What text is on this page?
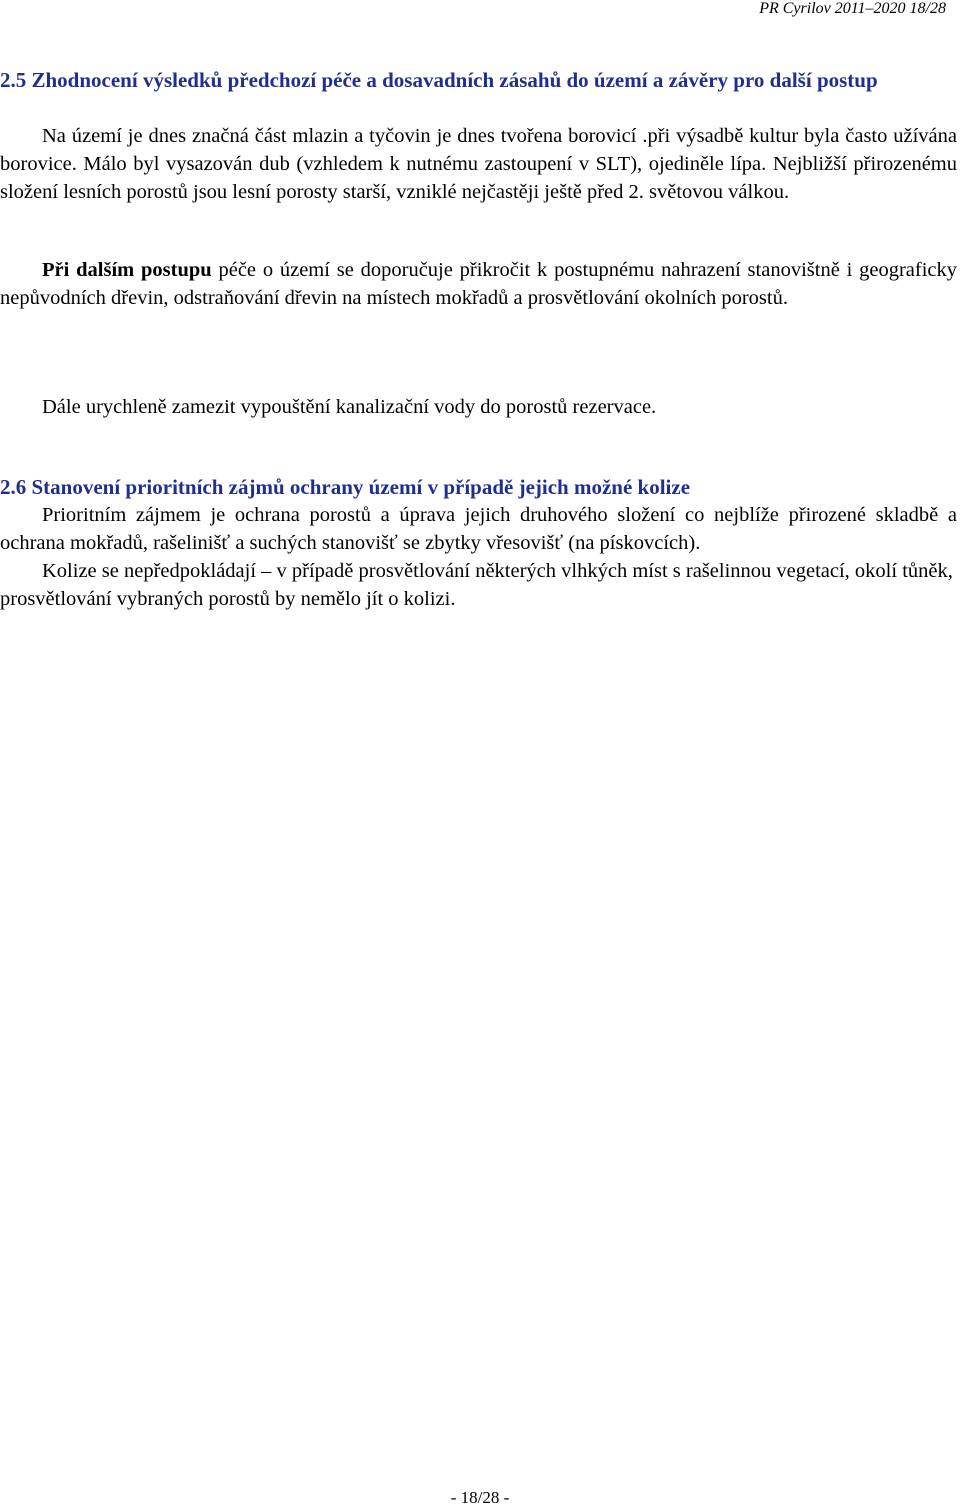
PR Cyrilov 2011–2020 18/28
2.5 Zhodnocení výsledků předchozí péče a dosavadních zásahů do území a závěry pro další postup
Na území je dnes značná část mlazin a tyčovin je dnes tvořena borovicí .při výsadbě kultur byla často užívána borovice. Málo byl vysazován dub (vzhledem k nutnému zastoupení v SLT), ojediněle lípa. Nejbližší přirozenému složení lesních porostů jsou lesní porosty starší, vzniklé nejčastěji ještě před 2. světovou válkou.
Při dalším postupu péče o území se doporučuje přikročit k postupnému nahrazení stanovištně i geograficky nepůvodních dřevin, odstraňování dřevin na místech mokřadů a prosvětlování okolních porostů.
Dále urychleně zamezit vypouštění kanalizační vody do porostů rezervace.
2.6 Stanovení prioritních zájmů ochrany území v případě jejich možné kolize
Prioritním zájmem je ochrana porostů a úprava jejich druhového složení co nejblíže přirozené skladbě a ochrana mokřadů, rašelinišť a suchých stanovišť se zbytky vřesovišť (na pískovcích).
Kolize se nepředpokládají – v případě prosvětlování některých vlhkých míst s rašelinnou vegetací, okolí tůněk, prosvětlování vybraných porostů by nemělo jít o kolizi.
- 18/28 -
